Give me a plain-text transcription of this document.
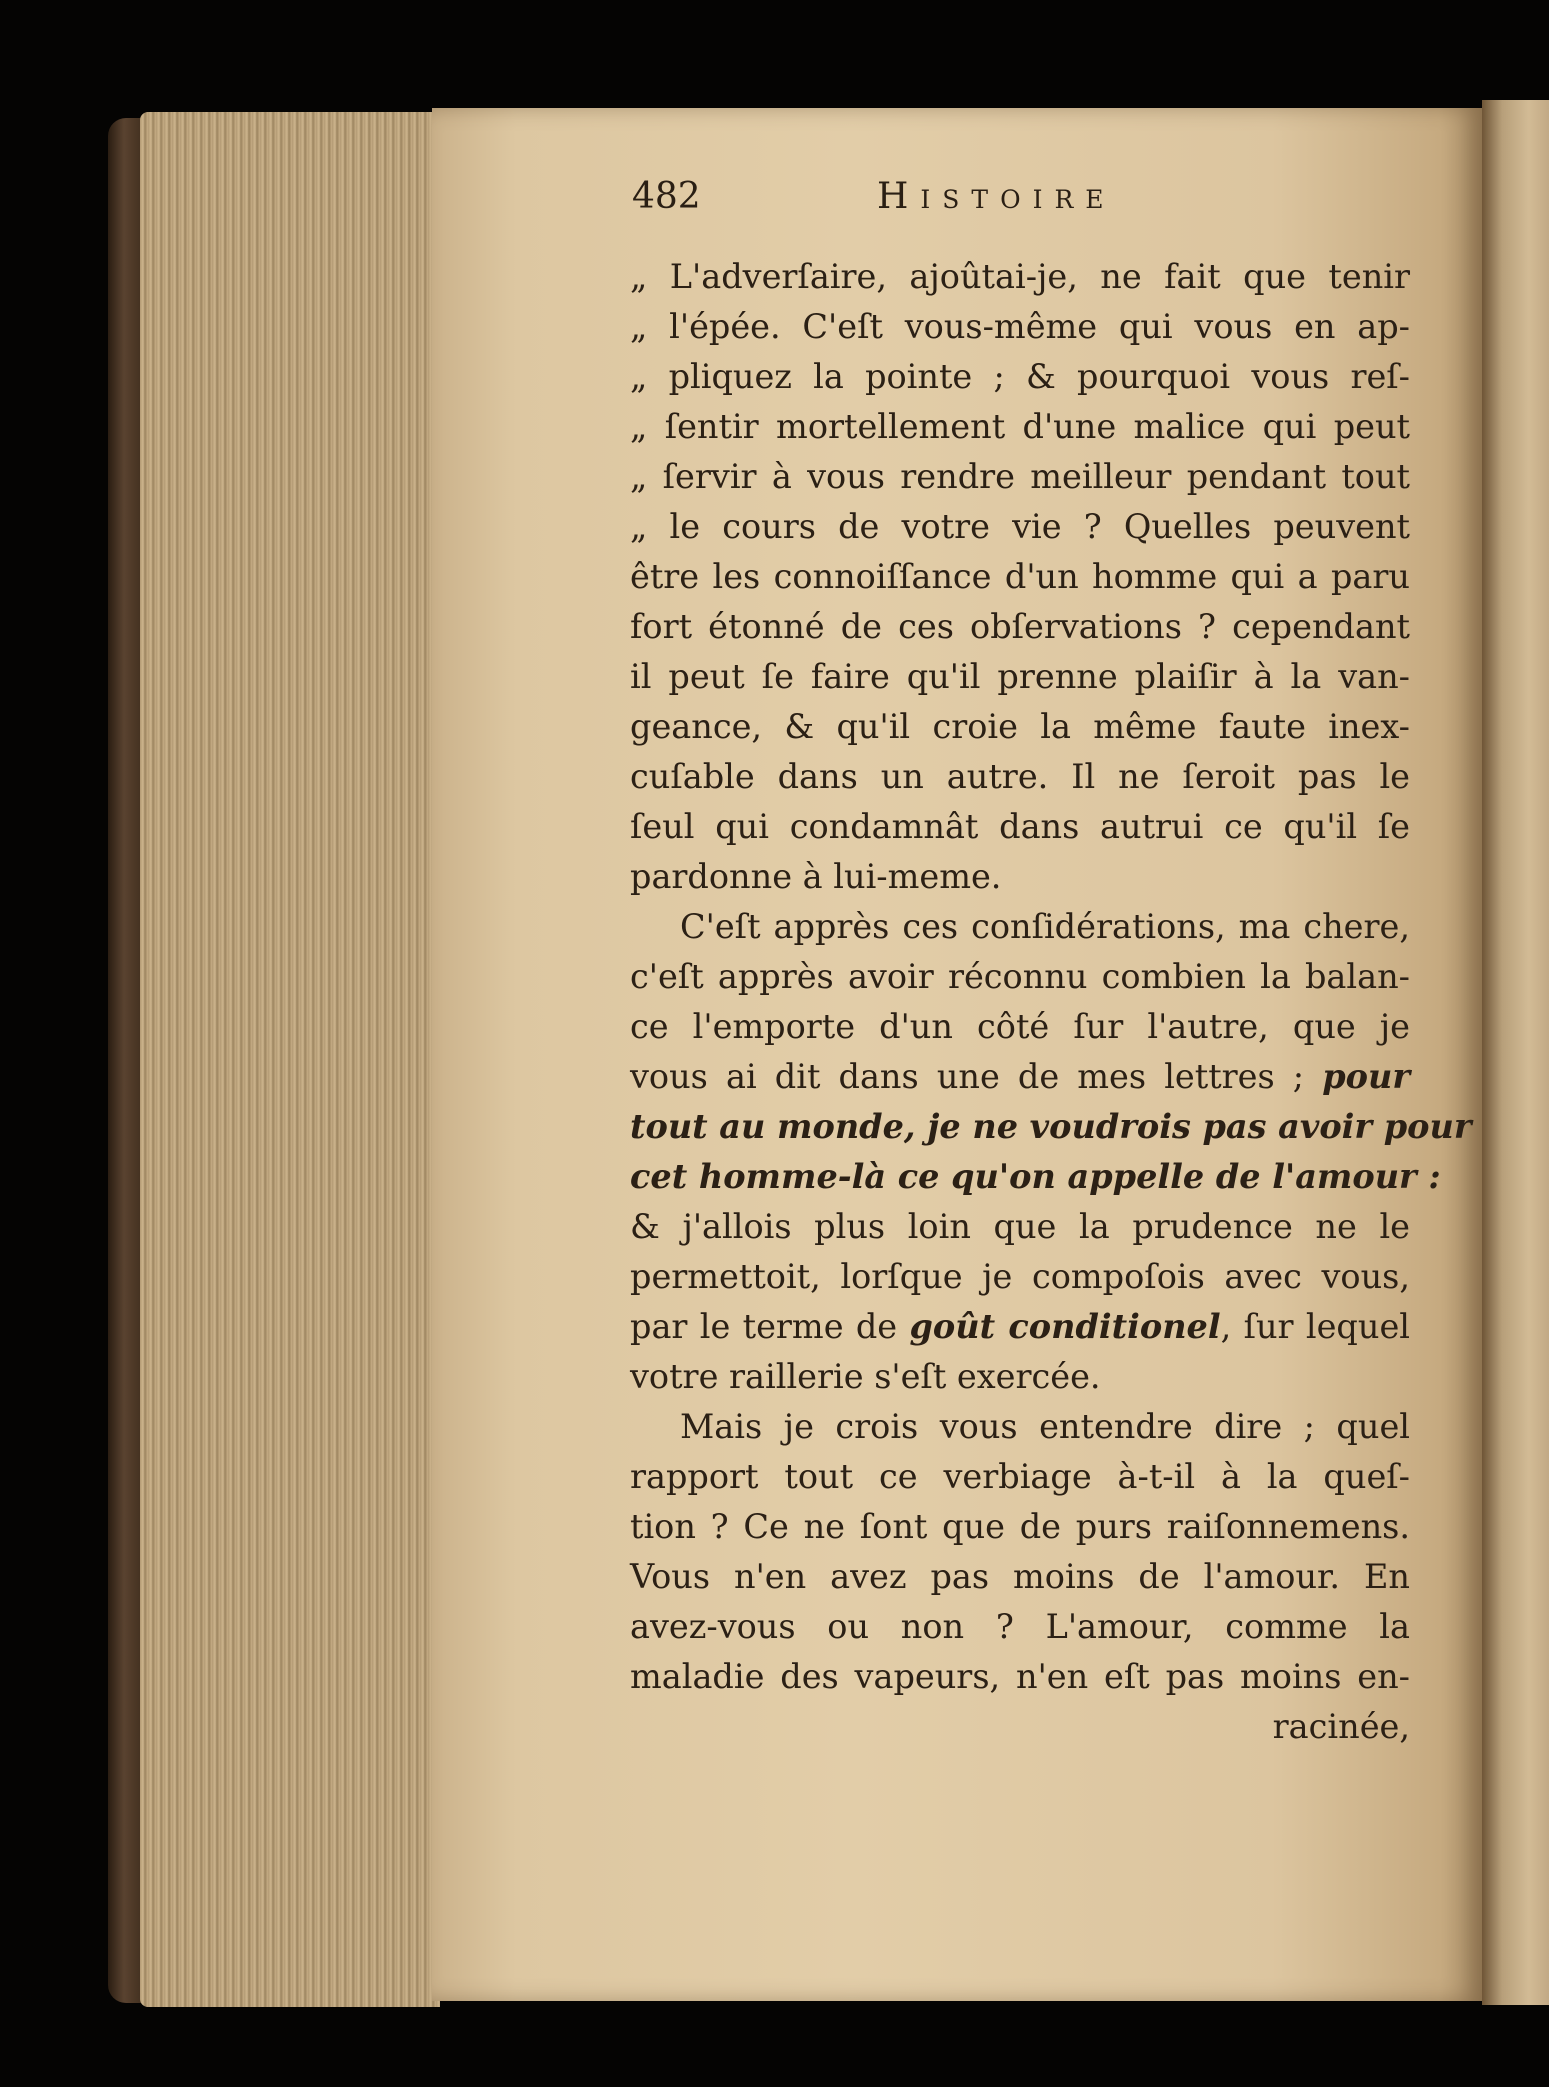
482	Histoire
„ L'adverſaire, ajoûtai-je, ne fait que tenir
„ l'épée. C'eſt vous-même qui vous en ap-
„ pliquez la pointe ; & pourquoi vous reſ-
„ ſentir mortellement d'une malice qui peut
„ ſervir à vous rendre meilleur pendant tout
„ le cours de votre vie ? Quelles peuvent
être les connoiſſance d'un homme qui a paru
fort étonné de ces obſervations ? cependant
il peut ſe faire qu'il prenne plaiſir à la van-
geance, & qu'il croie la même faute inex-
cuſable dans un autre. Il ne ſeroit pas le
ſeul qui condamnât dans autrui ce qu'il ſe
pardonne à lui-meme.
C'eſt apprès ces conſidérations, ma chere,
c'eſt apprès avoir réconnu combien la balan-
ce l'emporte d'un côté ſur l'autre, que je
vous ai dit dans une de mes lettres ; pour
tout au monde, je ne voudrois pas avoir pour
cet homme-là ce qu'on appelle de l'amour :
& j'allois plus loin que la prudence ne le
permettoit, lorſque je compoſois avec vous,
par le terme de goût conditionel, ſur lequel
votre raillerie s'eſt exercée.
Mais je crois vous entendre dire ; quel
rapport tout ce verbiage à-t-il à la queſ-
tion ? Ce ne ſont que de purs raiſonnemens.
Vous n'en avez pas moins de l'amour. En
avez-vous ou non ? L'amour, comme la
maladie des vapeurs, n'en eſt pas moins en-
racinée,
